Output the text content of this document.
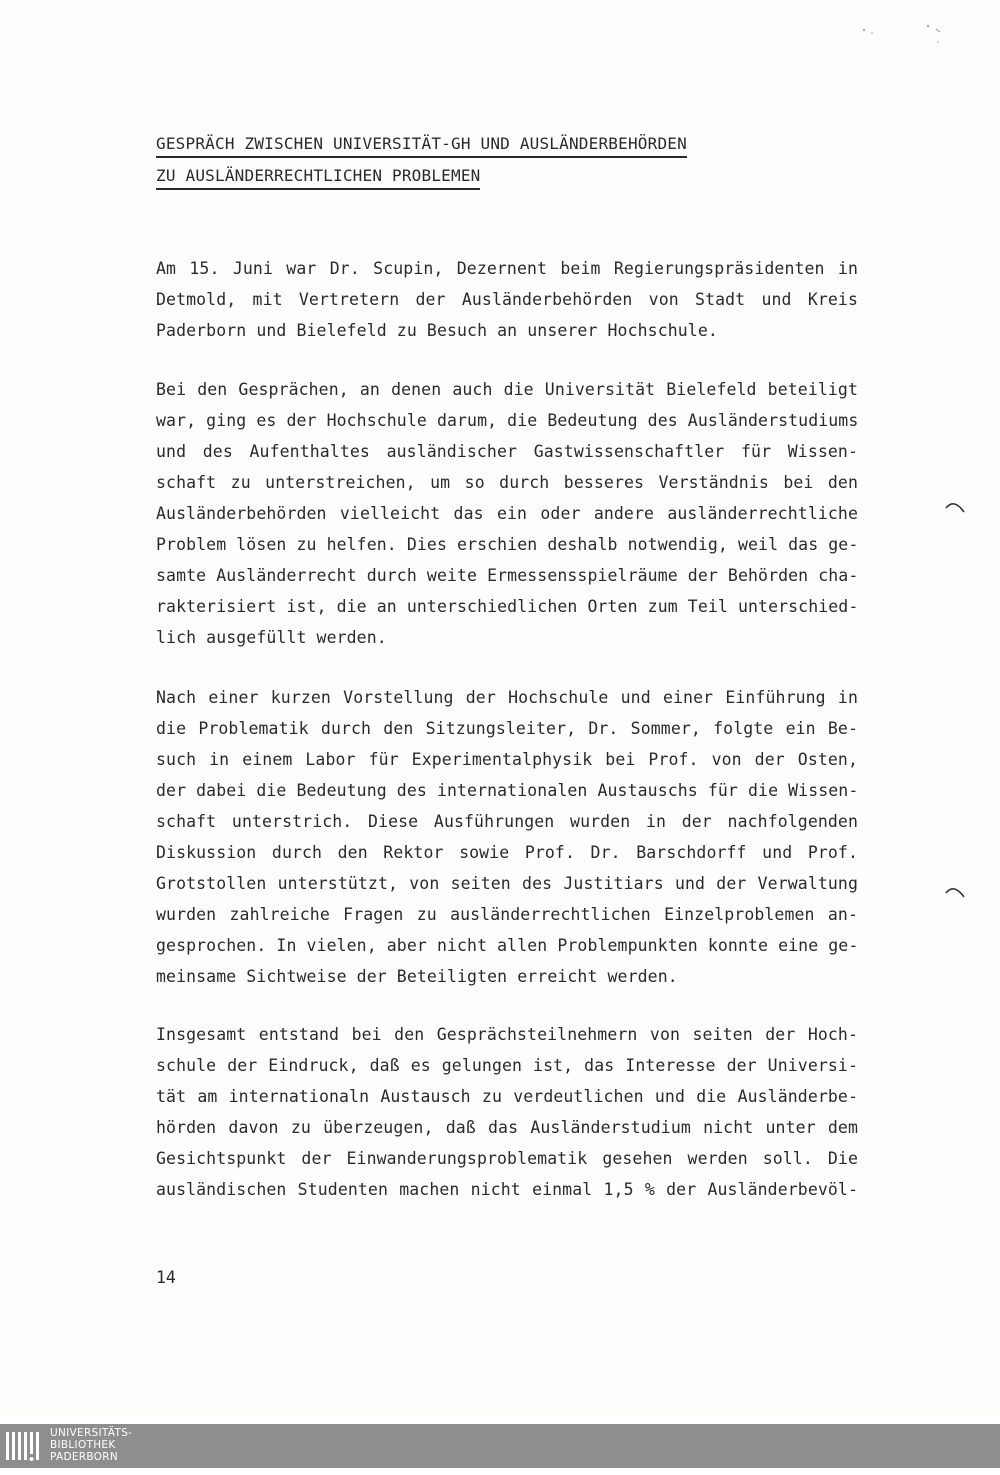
GESPRÄCH ZWISCHEN UNIVERSITÄT-GH UND AUSLÄNDERBEHÖRDEN
ZU AUSLÄNDERRECHTLICHEN PROBLEMEN
Am 15. Juni war Dr. Scupin, Dezernent beim Regierungspräsidenten in
Detmold, mit Vertretern der Ausländerbehörden von Stadt und Kreis
Paderborn und Bielefeld zu Besuch an unserer Hochschule.
Bei den Gesprächen, an denen auch die Universität Bielefeld beteiligt
war, ging es der Hochschule darum, die Bedeutung des Ausländerstudiums
und des Aufenthaltes ausländischer Gastwissenschaftler für Wissen-
schaft zu unterstreichen, um so durch besseres Verständnis bei den
Ausländerbehörden vielleicht das ein oder andere ausländerrechtliche
Problem lösen zu helfen. Dies erschien deshalb notwendig, weil das ge-
samte Ausländerrecht durch weite Ermessensspielräume der Behörden cha-
rakterisiert ist, die an unterschiedlichen Orten zum Teil unterschied-
lich ausgefüllt werden.
Nach einer kurzen Vorstellung der Hochschule und einer Einführung in
die Problematik durch den Sitzungsleiter, Dr. Sommer, folgte ein Be-
such in einem Labor für Experimentalphysik bei Prof. von der Osten,
der dabei die Bedeutung des internationalen Austauschs für die Wissen-
schaft unterstrich. Diese Ausführungen wurden in der nachfolgenden
Diskussion durch den Rektor sowie Prof. Dr. Barschdorff und Prof.
Grotstollen unterstützt, von seiten des Justitiars und der Verwaltung
wurden zahlreiche Fragen zu ausländerrechtlichen Einzelproblemen an-
gesprochen. In vielen, aber nicht allen Problempunkten konnte eine ge-
meinsame Sichtweise der Beteiligten erreicht werden.
Insgesamt entstand bei den Gesprächsteilnehmern von seiten der Hoch-
schule der Eindruck, daß es gelungen ist, das Interesse der Universi-
tät am internationaln Austausch zu verdeutlichen und die Ausländerbe-
hörden davon zu überzeugen, daß das Ausländerstudium nicht unter dem
Gesichtspunkt der Einwanderungsproblematik gesehen werden soll. Die
ausländischen Studenten machen nicht einmal 1,5 % der Ausländerbevöl-
14
UNIVERSITÄTS-
BIBLIOTHEK
PADERBORN
